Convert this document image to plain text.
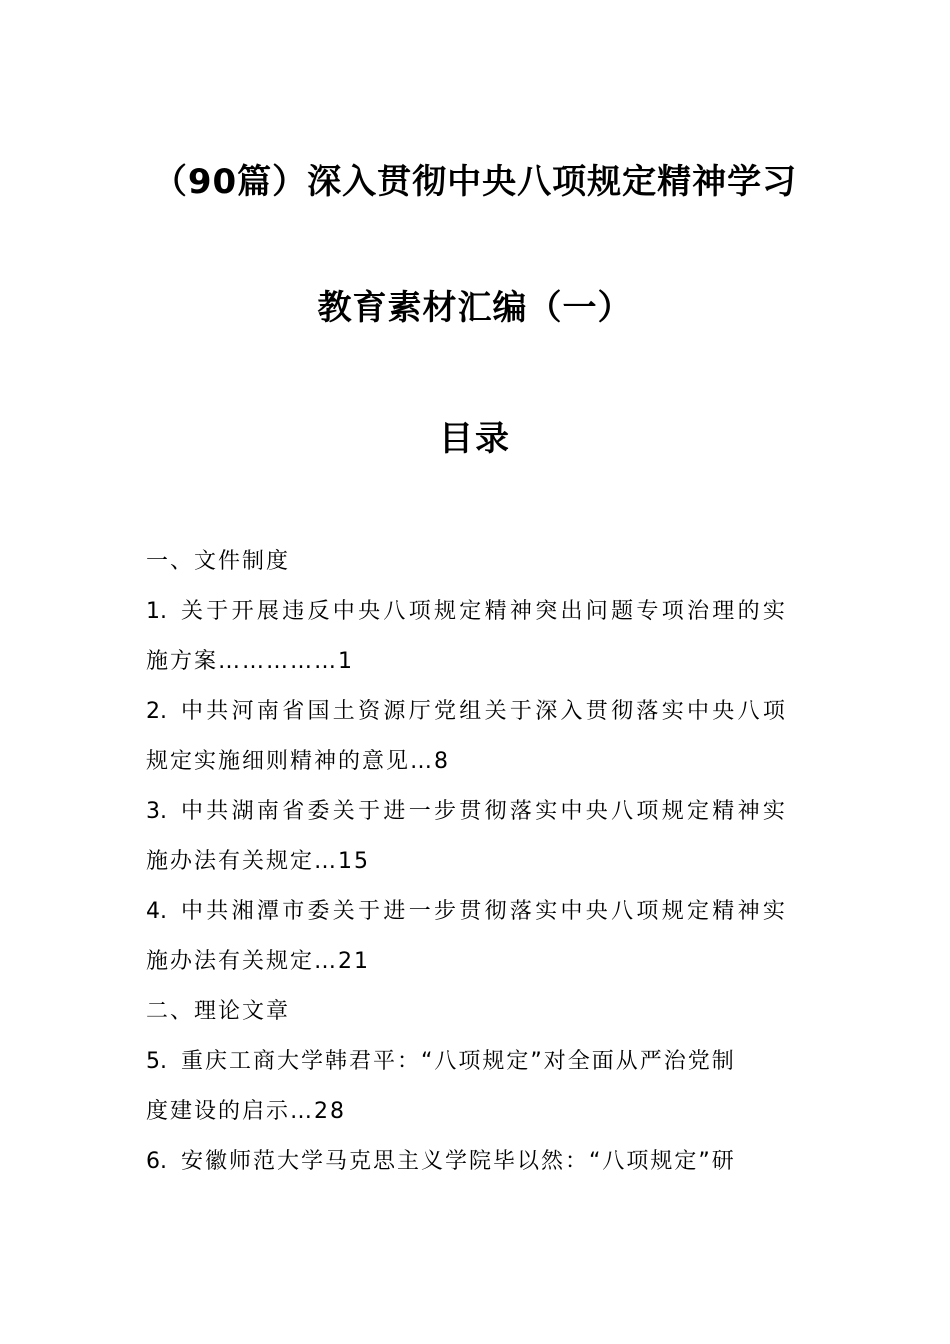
（90篇）深入贯彻中央八项规定精神学习
教育素材汇编（一）
目录
一、文件制度
1. 关于开展违反中央八项规定精神突出问题专项治理的实
施方案……………1
2. 中共河南省国土资源厅党组关于深入贯彻落实中央八项
规定实施细则精神的意见…8
3. 中共湖南省委关于进一步贯彻落实中央八项规定精神实
施办法有关规定…15
4. 中共湘潭市委关于进一步贯彻落实中央八项规定精神实
施办法有关规定…21
二、理论文章
5. 重庆工商大学韩君平：“八项规定”对全面从严治党制
度建设的启示…28
6. 安徽师范大学马克思主义学院毕以然：“八项规定”研
